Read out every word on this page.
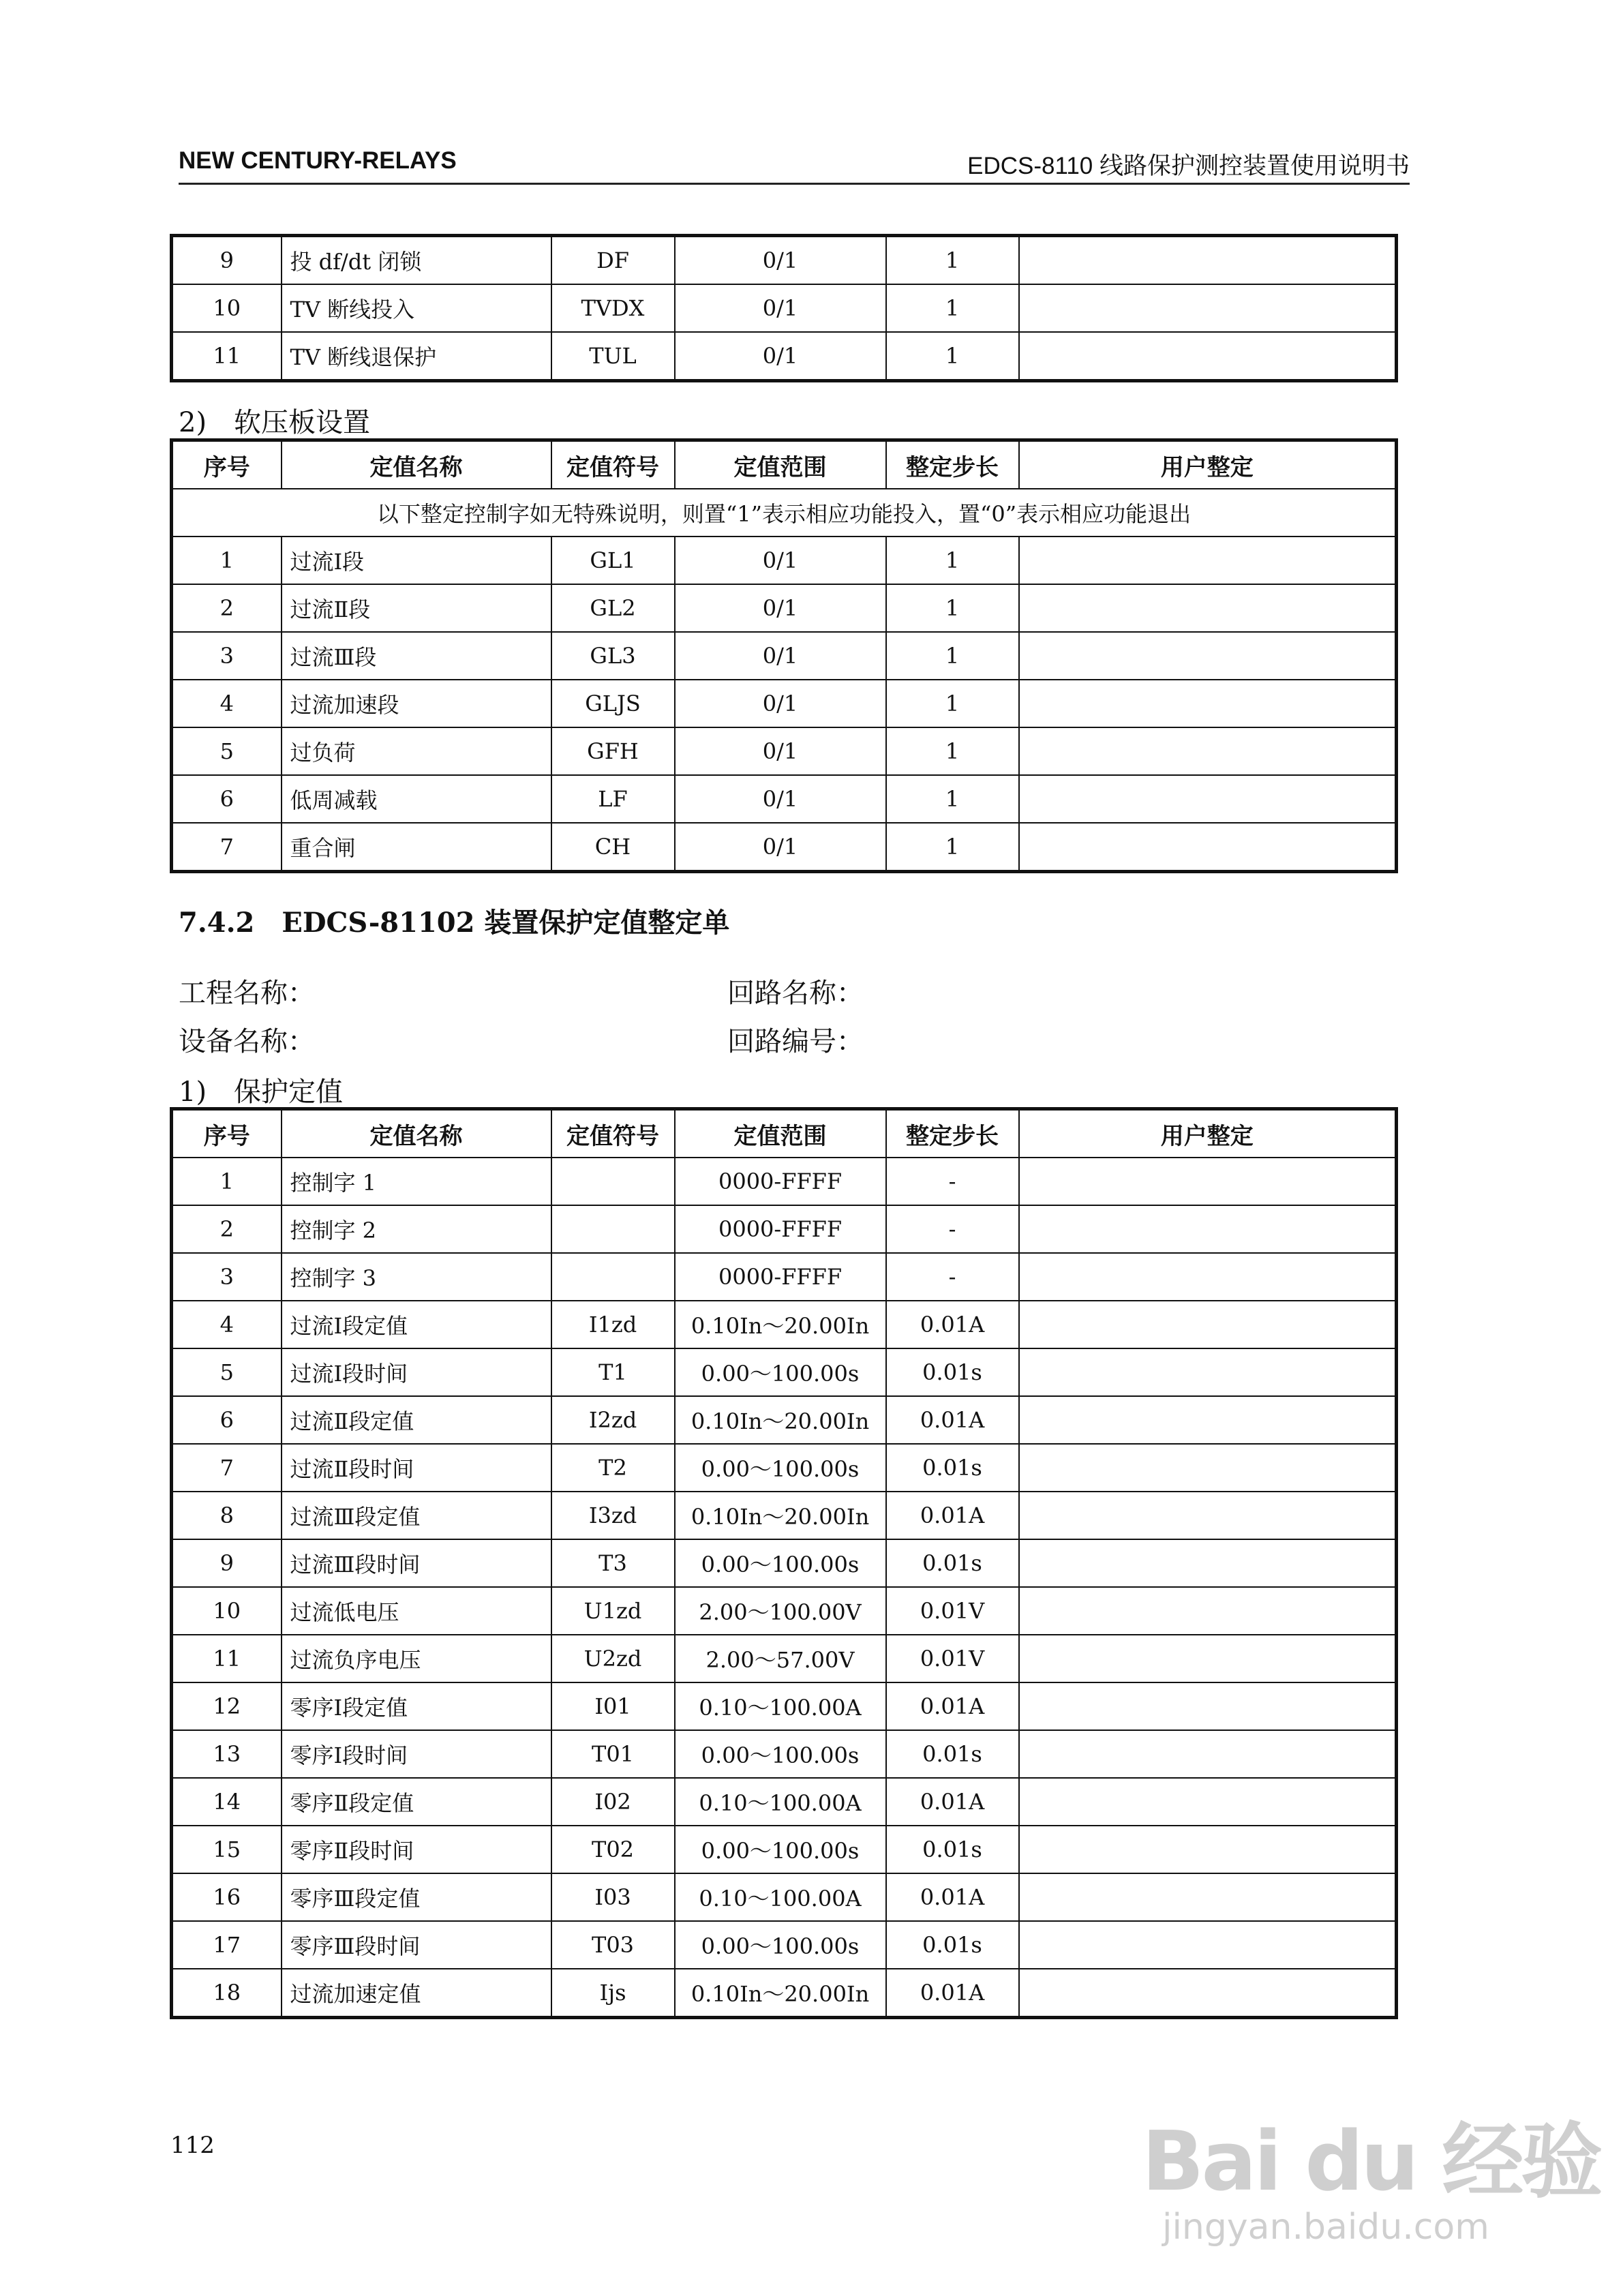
NEW CENTURY-RELAYS	EDCS-8110 线路保护测控装置使用说明书
9	投 df/dt 闭锁	DF	0/1	1	
10	TV 断线投入	TVDX	0/1	1	
11	TV 断线退保护	TUL	0/1	1	
2)　软压板设置
序号	定值名称	定值符号	定值范围	整定步长	用户整定
以下整定控制字如无特殊说明，则置“1”表示相应功能投入，置“0”表示相应功能退出					
1	过流Ⅰ段	GL1	0/1	1	
2	过流Ⅱ段	GL2	0/1	1	
3	过流Ⅲ段	GL3	0/1	1	
4	过流加速段	GLJS	0/1	1	
5	过负荷	GFH	0/1	1	
6	低周减载	LF	0/1	1	
7	重合闸	CH	0/1	1	
7.4.2　EDCS-81102 装置保护定值整定单
工程名称：	回路名称：
设备名称：	回路编号：
1)　保护定值
序号	定值名称	定值符号	定值范围	整定步长	用户整定
1	控制字 1		0000-FFFF	-	
2	控制字 2		0000-FFFF	-	
3	控制字 3		0000-FFFF	-	
4	过流Ⅰ段定值	I1zd	0.10In～20.00In	0.01A	
5	过流Ⅰ段时间	T1	0.00～100.00s	0.01s	
6	过流Ⅱ段定值	I2zd	0.10In～20.00In	0.01A	
7	过流Ⅱ段时间	T2	0.00～100.00s	0.01s	
8	过流Ⅲ段定值	I3zd	0.10In～20.00In	0.01A	
9	过流Ⅲ段时间	T3	0.00～100.00s	0.01s	
10	过流低电压	U1zd	2.00～100.00V	0.01V	
11	过流负序电压	U2zd	2.00～57.00V	0.01V	
12	零序Ⅰ段定值	I01	0.10～100.00A	0.01A	
13	零序Ⅰ段时间	T01	0.00～100.00s	0.01s	
14	零序Ⅱ段定值	I02	0.10～100.00A	0.01A	
15	零序Ⅱ段时间	T02	0.00～100.00s	0.01s	
16	零序Ⅲ段定值	I03	0.10～100.00A	0.01A	
17	零序Ⅲ段时间	T03	0.00～100.00s	0.01s	
18	过流加速定值	Ijs	0.10In～20.00In	0.01A	
112	Bai du 经验
jingyan.baidu.com
